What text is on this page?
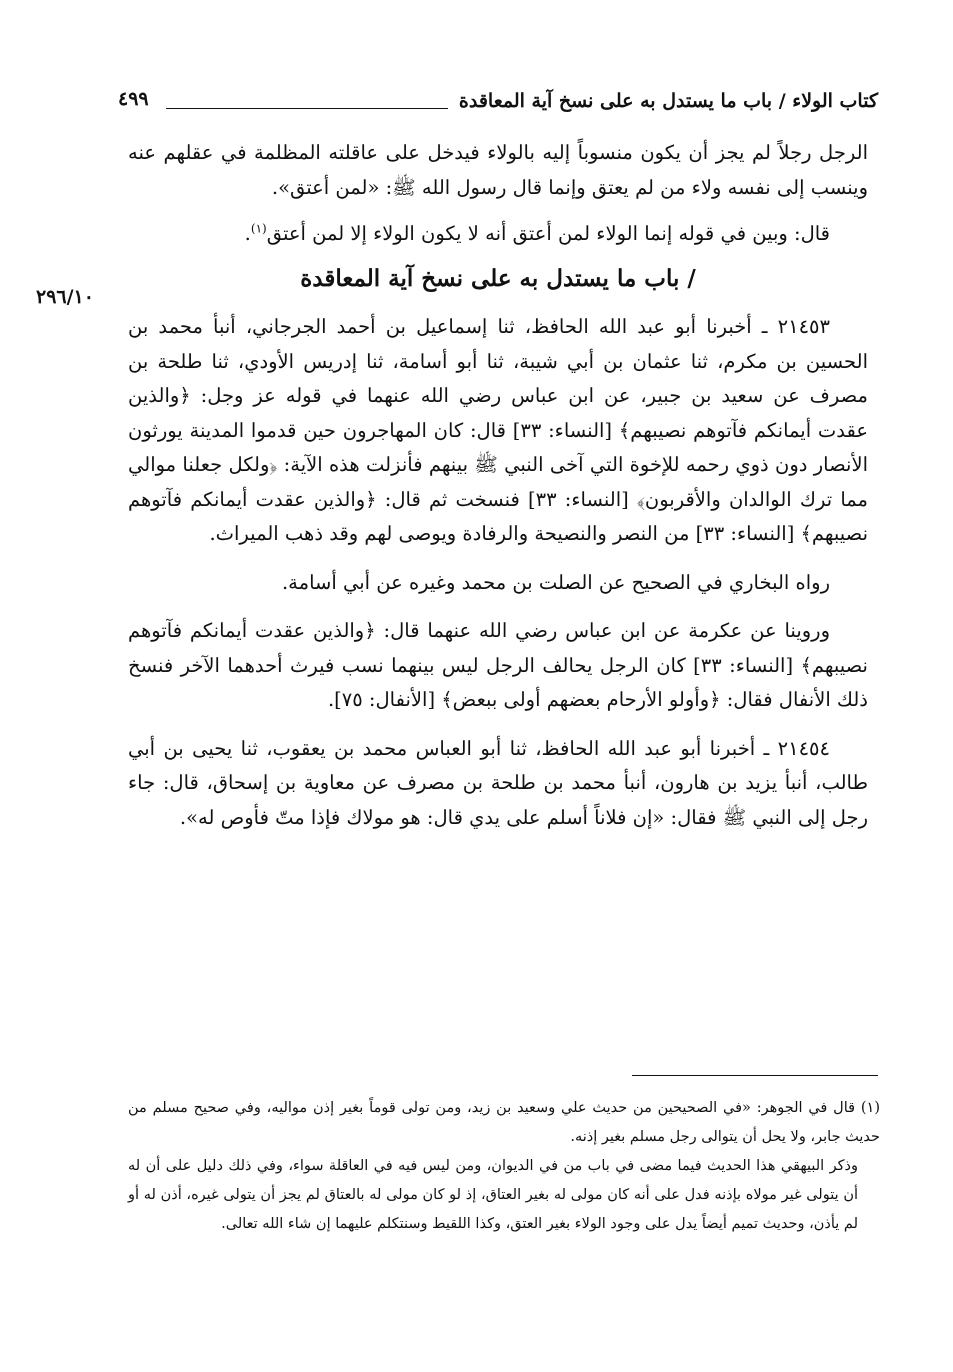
كتاب الولاء / باب ما يستدل به على نسخ آية المعاقدة
٤٩٩
٢٩٦/١٠

الرجل رجلاً لم يجز أن يكون منسوباً إليه بالولاء فيدخل على عاقلته المظلمة في عقلهم عنه وينسب إلى نفسه ولاء من لم يعتق وإنما قال رسول الله ﷺ: «لمن أعتق».

قال: وبين في قوله إنما الولاء لمن أعتق أنه لا يكون الولاء إلا لمن أعتق$^{(١)}$.

/ باب ما يستدل به على نسخ آية المعاقدة

٢١٤٥٣ ـ أخبرنا أبو عبد الله الحافظ، ثنا إسماعيل بن أحمد الجرجاني، أنبأ محمد بن الحسين بن مكرم، ثنا عثمان بن أبي شيبة، ثنا أبو أسامة، ثنا إدريس الأودي، ثنا طلحة بن مصرف عن سعيد بن جبير، عن ابن عباس رضي الله عنهما في قوله عز وجل: ﴿والذين عقدت أيمانكم فآتوهم نصيبهم﴾ [النساء: ٣٣] قال: كان المهاجرون حين قدموا المدينة يورثون الأنصار دون ذوي رحمه للإخوة التي آخى النبي ﷺ بينهم فأنزلت هذه الآية: ﴿ولكل جعلنا موالي مما ترك الوالدان والأقربون﴾ [النساء: ٣٣] فنسخت ثم قال: ﴿والذين عقدت أيمانكم فآتوهم نصيبهم﴾ [النساء: ٣٣] من النصر والنصيحة والرفادة ويوصى لهم وقد ذهب الميراث.

رواه البخاري في الصحيح عن الصلت بن محمد وغيره عن أبي أسامة.

وروينا عن عكرمة عن ابن عباس رضي الله عنهما قال: ﴿والذين عقدت أيمانكم فآتوهم نصيبهم﴾ [النساء: ٣٣] كان الرجل يحالف الرجل ليس بينهما نسب فيرث أحدهما الآخر فنسخ ذلك الأنفال فقال: ﴿وأولو الأرحام بعضهم أولى ببعض﴾ [الأنفال: ٧٥].

٢١٤٥٤ ـ أخبرنا أبو عبد الله الحافظ، ثنا أبو العباس محمد بن يعقوب، ثنا يحيى بن أبي طالب، أنبأ يزيد بن هارون، أنبأ محمد بن طلحة بن مصرف عن معاوية بن إسحاق، قال: جاء رجل إلى النبي ﷺ فقال: «إن فلاناً أسلم على يدي قال: هو مولاك فإذا متّ فأوص له».

(١) قال في الجوهر: «في الصحيحين من حديث علي وسعيد بن زيد، ومن تولى قوماً بغير إذن مواليه، وفي صحيح مسلم من حديث جابر، ولا يحل أن يتوالى رجل مسلم بغير إذنه.

وذكر البيهقي هذا الحديث فيما مضى في باب من في الديوان، ومن ليس فيه في العاقلة سواء، وفي ذلك دليل على أن له أن يتولى غير مولاه بإذنه فدل على أنه كان مولى له بغير العتاق، إذ لو كان مولى له بالعتاق لم يجز أن يتولى غيره، أذن له أو لم يأذن، وحديث تميم أيضاً يدل على وجود الولاء بغير العتق، وكذا اللقيط وسنتكلم عليهما إن شاء الله تعالى.
